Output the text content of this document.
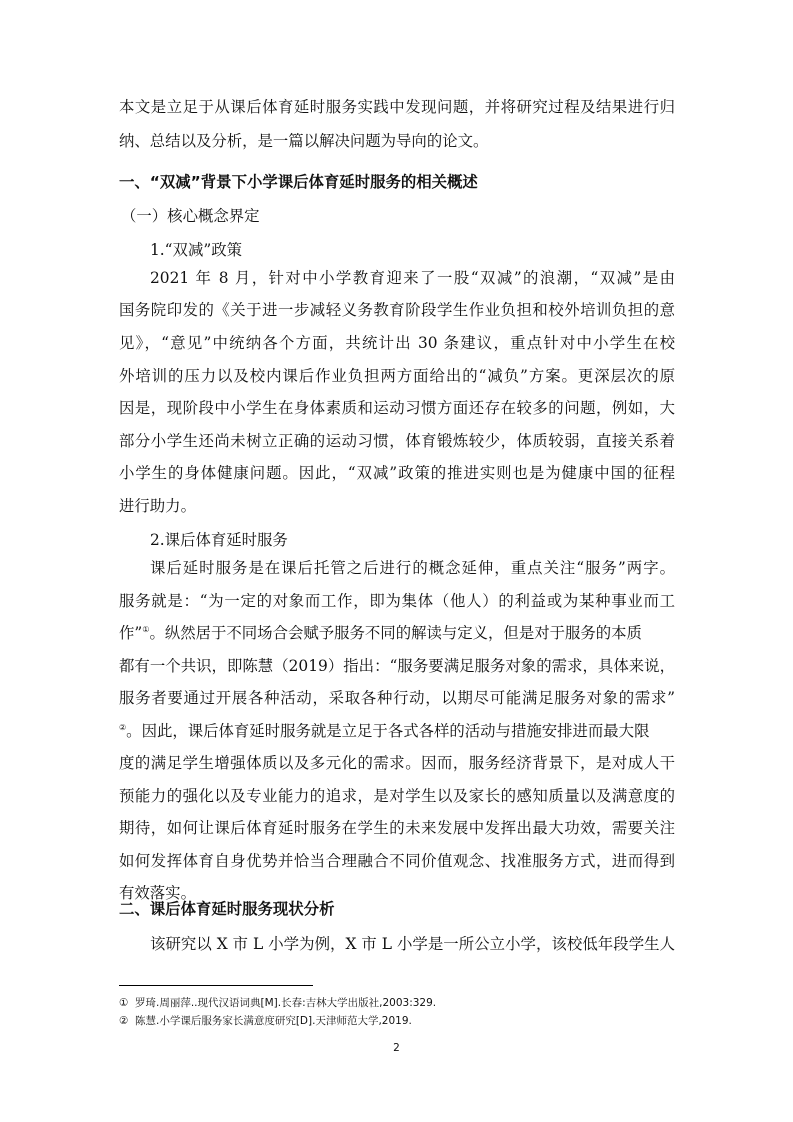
本文是立足于从课后体育延时服务实践中发现问题，并将研究过程及结果进行归
纳、总结以及分析，是一篇以解决问题为导向的论文。
一、“双减”背景下小学课后体育延时服务的相关概述
（一）核心概念界定
1.“双减”政策
2021 年 8 月，针对中小学教育迎来了一股“双减”的浪潮，“双减”是由
国务院印发的《关于进一步减轻义务教育阶段学生作业负担和校外培训负担的意
见》，“意见”中统纳各个方面，共统计出 30 条建议，重点针对中小学生在校
外培训的压力以及校内课后作业负担两方面给出的“减负”方案。更深层次的原
因是，现阶段中小学生在身体素质和运动习惯方面还存在较多的问题，例如，大
部分小学生还尚未树立正确的运动习惯，体育锻炼较少，体质较弱，直接关系着
小学生的身体健康问题。因此，“双减”政策的推进实则也是为健康中国的征程
进行助力。
2.课后体育延时服务
课后延时服务是在课后托管之后进行的概念延伸，重点关注“服务”两字。
服务就是：“为一定的对象而工作，即为集体（他人）的利益或为某种事业而工
作”①。纵然居于不同场合会赋予服务不同的解读与定义，但是对于服务的本质
都有一个共识，即陈慧（2019）指出：“服务要满足服务对象的需求，具体来说，
服务者要通过开展各种活动，采取各种行动，以期尽可能满足服务对象的需求”
②。因此，课后体育延时服务就是立足于各式各样的活动与措施安排进而最大限
度的满足学生增强体质以及多元化的需求。因而，服务经济背景下，是对成人干
预能力的强化以及专业能力的追求，是对学生以及家长的感知质量以及满意度的
期待，如何让课后体育延时服务在学生的未来发展中发挥出最大功效，需要关注
如何发挥体育自身优势并恰当合理融合不同价值观念、找准服务方式，进而得到
有效落实。
二、课后体育延时服务现状分析
该研究以 X 市 L 小学为例，X 市 L 小学是一所公立小学，该校低年段学生人
① 罗琦.周丽萍..现代汉语词典[M].长春:吉林大学出版社,2003:329.
② 陈慧.小学课后服务家长满意度研究[D].天津师范大学,2019.
2
